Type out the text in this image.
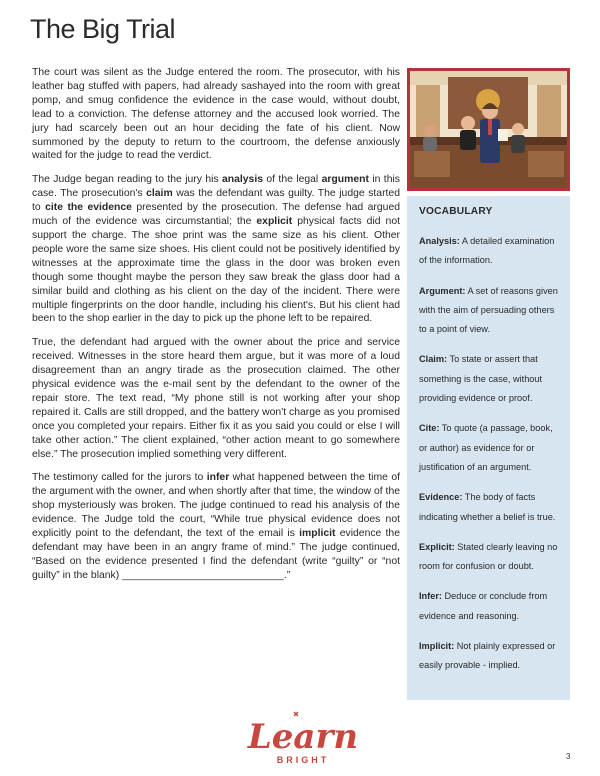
The Big Trial

The court was silent as the Judge entered the room. The prosecutor, with his leather bag stuffed with papers, had already sashayed into the room with great pomp, and smug confidence the evidence in the case would, without doubt, lead to a conviction. The defense attorney and the accused look worried. The jury had scarcely been out an hour deciding the fate of his client. Now summoned by the deputy to return to the courtroom, the defense anxiously waited for the judge to read the verdict.

The Judge began reading to the jury his analysis of the legal argument in this case. The prosecution's claim was the defendant was guilty. The judge started to cite the evidence presented by the prosecution. The defense had argued much of the evidence was circumstantial; the explicit physical facts did not support the charge. The shoe print was the same size as his client. Other people wore the same size shoes. His client could not be positively identified by witnesses at the approximate time the glass in the door was broken even though some thought maybe the person they saw break the glass door had a similar build and clothing as his client on the day of the incident. There were multiple fingerprints on the door handle, including his client's. But his client had been to the shop earlier in the day to pick up the phone left to be repaired.

True, the defendant had argued with the owner about the price and service received. Witnesses in the store heard them argue, but it was more of a loud disagreement than an angry tirade as the prosecution claimed. The other physical evidence was the e-mail sent by the defendant to the owner of the repair store. The text read, “My phone still is not working after your shop repaired it. Calls are still dropped, and the battery won't charge as you promised once you completed your repairs. Either fix it as you said you could or else I will take other action.” The client explained, “other action meant to go somewhere else.” The prosecution implied something very different.

The testimony called for the jurors to infer what happened between the time of the argument with the owner, and when shortly after that time, the window of the shop mysteriously was broken. The judge continued to read his analysis of the evidence. The Judge told the court, “While true physical evidence does not explicitly point to the defendant, the text of the email is implicit evidence the defendant may have been in an angry frame of mind.” The judge continued, “Based on the evidence presented I find the defendant (write “guilty” or “not guilty” in the blank) ____________________________.”

VOCABULARY
Analysis: A detailed examination of the information.
Argument: A set of reasons given with the aim of persuading others to a point of view.
Claim: To state or assert that something is the case, without providing evidence or proof.
Cite: To quote (a passage, book, or author) as evidence for or justification of an argument.
Evidence: The body of facts indicating whether a belief is true.
Explicit: Stated clearly leaving no room for confusion or doubt.
Infer: Deduce or conclude from evidence and reasoning.
Implicit: Not plainly expressed or easily provable - implied.
Learn
BRIGHT	3
